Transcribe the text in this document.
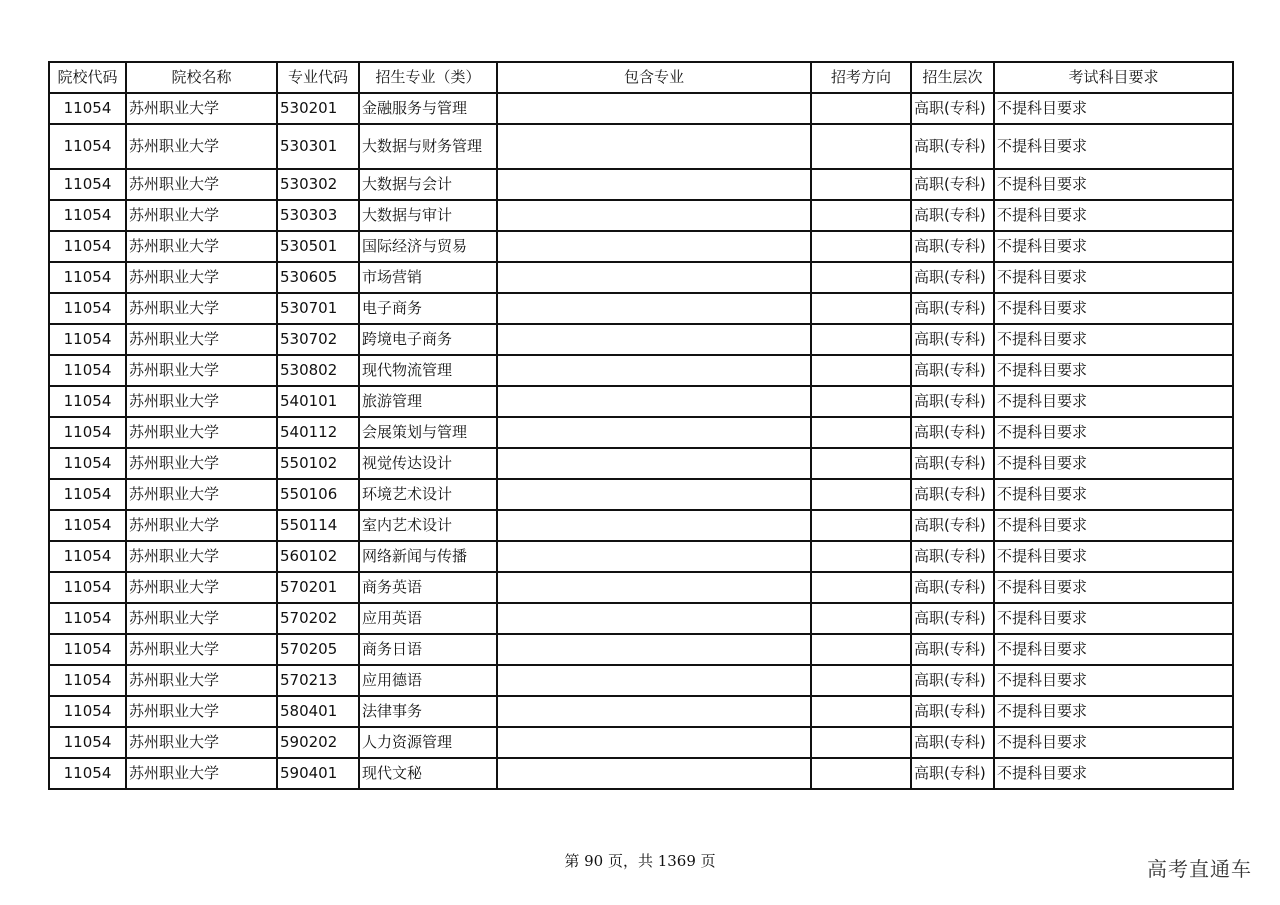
院校代码	院校名称	专业代码	招生专业（类）	包含专业	招考方向	招生层次	考试科目要求
11054	苏州职业大学	530201	金融服务与管理			高职(专科)	不提科目要求
11054	苏州职业大学	530301	大数据与财务管理			高职(专科)	不提科目要求
11054	苏州职业大学	530302	大数据与会计			高职(专科)	不提科目要求
11054	苏州职业大学	530303	大数据与审计			高职(专科)	不提科目要求
11054	苏州职业大学	530501	国际经济与贸易			高职(专科)	不提科目要求
11054	苏州职业大学	530605	市场营销			高职(专科)	不提科目要求
11054	苏州职业大学	530701	电子商务			高职(专科)	不提科目要求
11054	苏州职业大学	530702	跨境电子商务			高职(专科)	不提科目要求
11054	苏州职业大学	530802	现代物流管理			高职(专科)	不提科目要求
11054	苏州职业大学	540101	旅游管理			高职(专科)	不提科目要求
11054	苏州职业大学	540112	会展策划与管理			高职(专科)	不提科目要求
11054	苏州职业大学	550102	视觉传达设计			高职(专科)	不提科目要求
11054	苏州职业大学	550106	环境艺术设计			高职(专科)	不提科目要求
11054	苏州职业大学	550114	室内艺术设计			高职(专科)	不提科目要求
11054	苏州职业大学	560102	网络新闻与传播			高职(专科)	不提科目要求
11054	苏州职业大学	570201	商务英语			高职(专科)	不提科目要求
11054	苏州职业大学	570202	应用英语			高职(专科)	不提科目要求
11054	苏州职业大学	570205	商务日语			高职(专科)	不提科目要求
11054	苏州职业大学	570213	应用德语			高职(专科)	不提科目要求
11054	苏州职业大学	580401	法律事务			高职(专科)	不提科目要求
11054	苏州职业大学	590202	人力资源管理			高职(专科)	不提科目要求
11054	苏州职业大学	590401	现代文秘			高职(专科)	不提科目要求
第 90 页，共 1369 页	高考直通车
